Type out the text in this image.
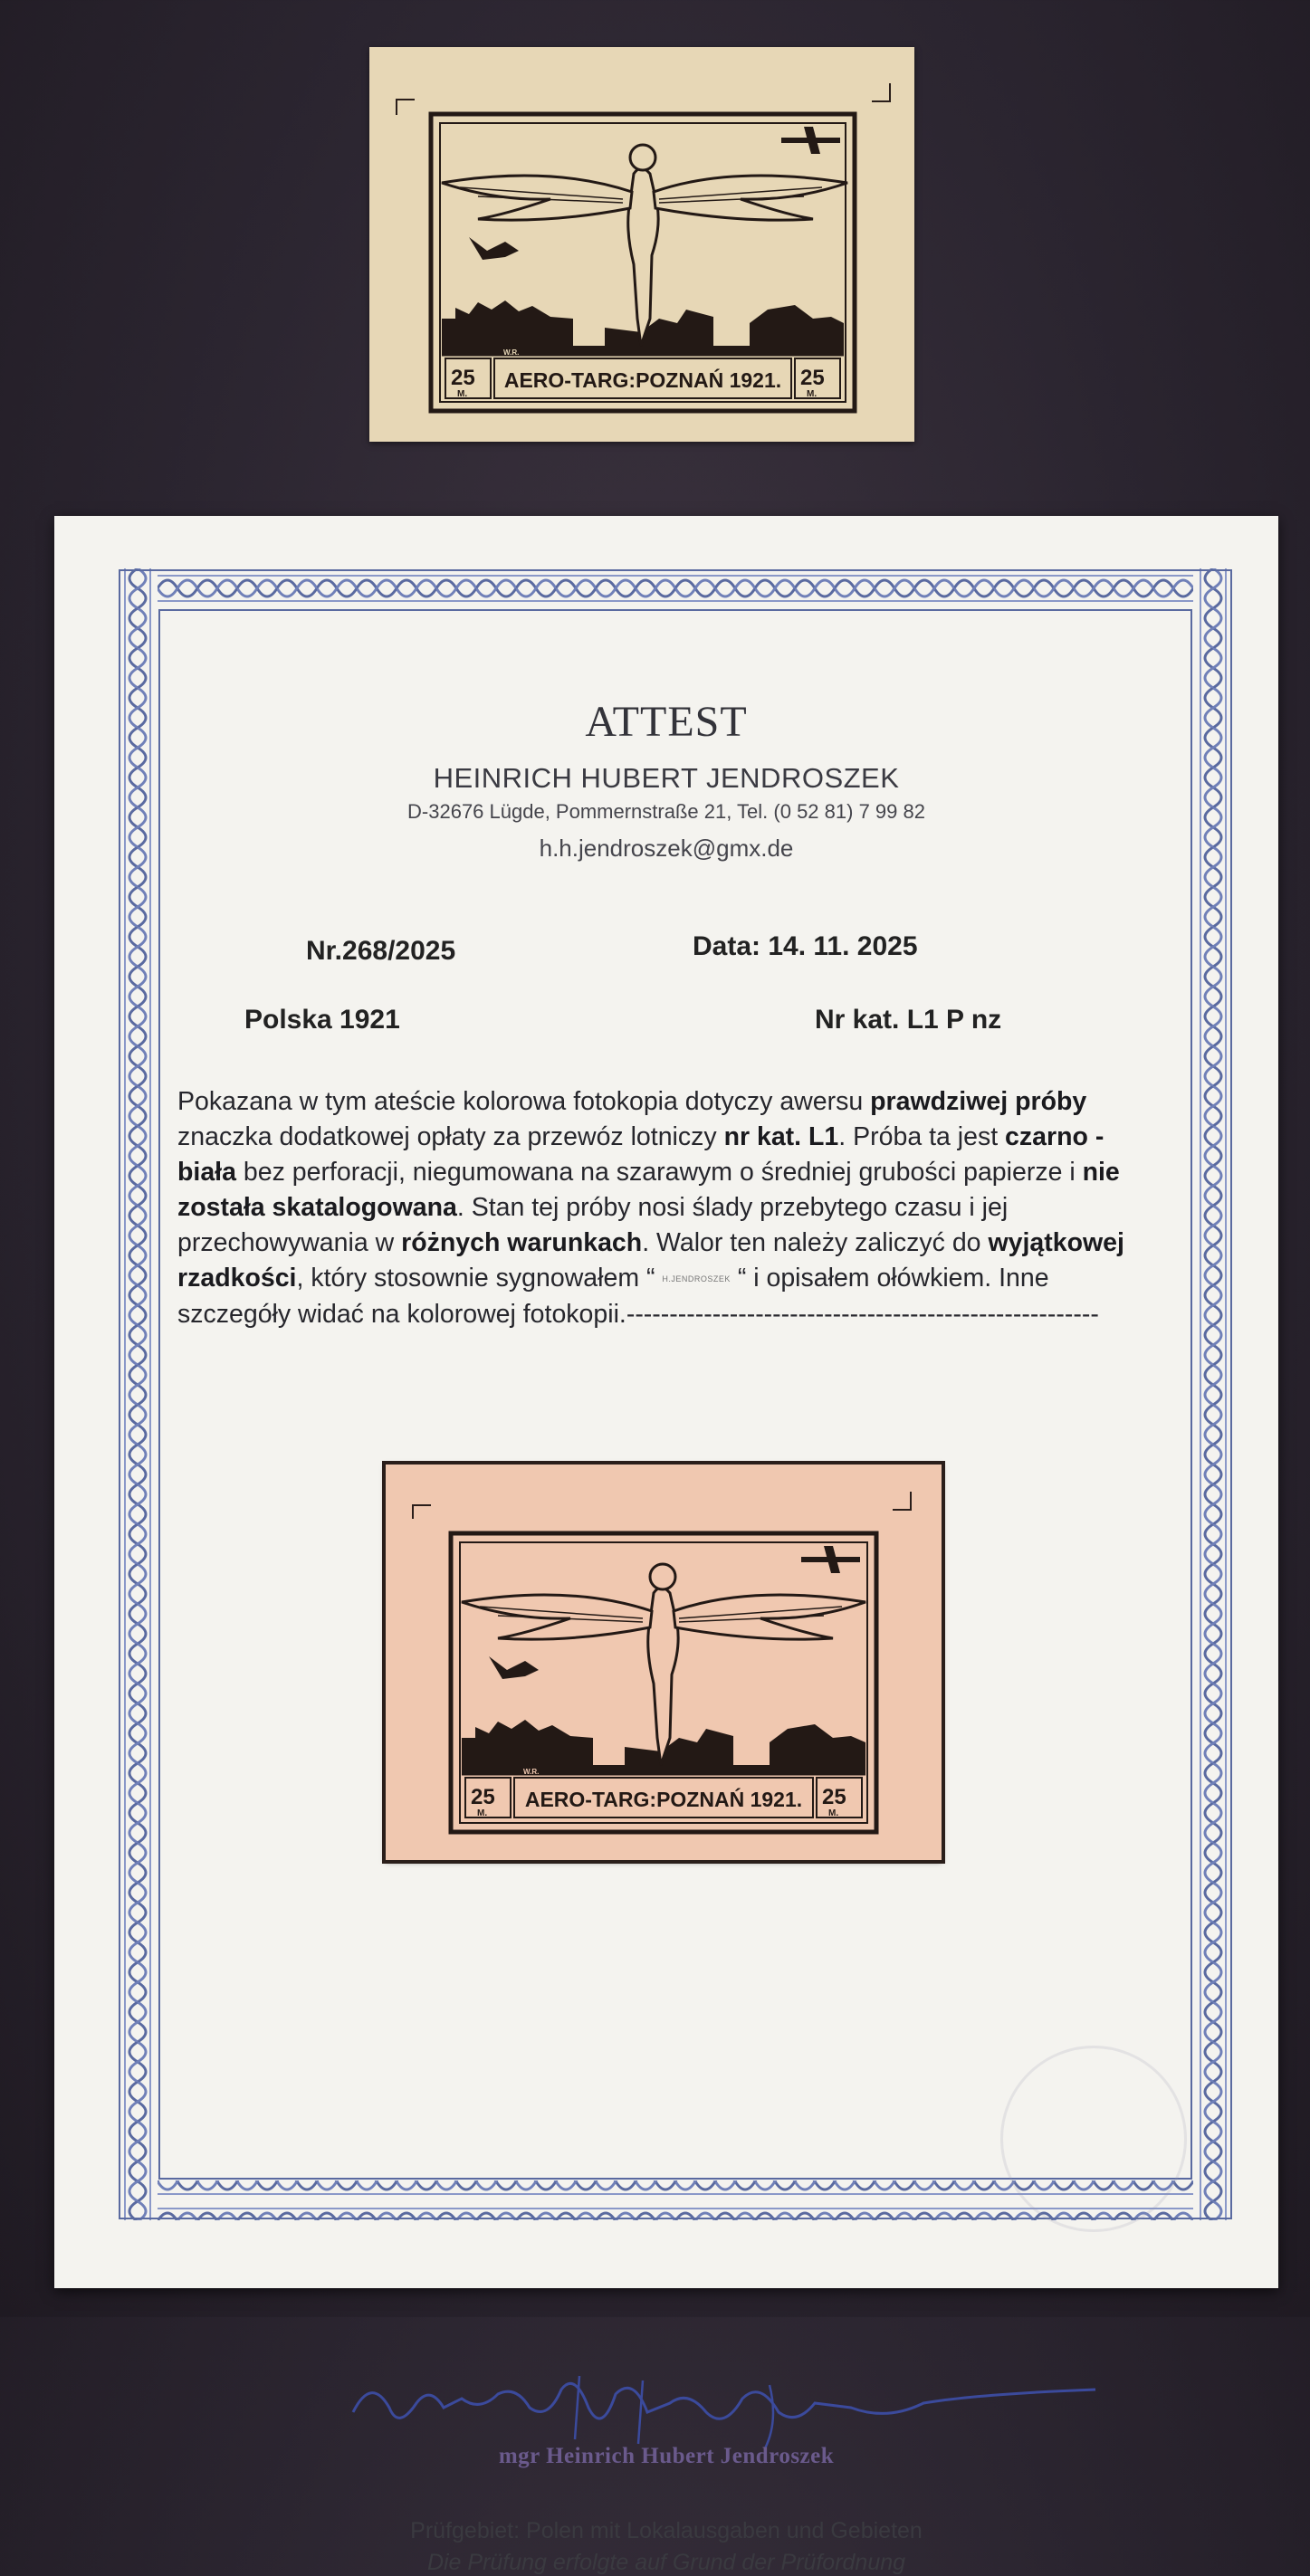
25
M.
25
M.
AERO-TARG:POZNAŃ 1921.
W.R.
ATTEST
HEINRICH HUBERT JENDROSZEK
D-32676 Lügde, Pommernstraße 21, Tel. (0 52 81) 7 99 82
h.h.jendroszek@gmx.de
Nr.268/2025	Data: 14. 11. 2025
Polska 1921	Nr kat. L1 P nz
Pokazana w tym ateście kolorowa fotokopia dotyczy awersu prawdziwej próby znaczka dodatkowej opłaty za przewóz lotniczy nr kat. L1. Próba ta jest czarno - biała bez perforacji, niegumowana na szarawym o średniej grubości papierze i nie została skatalogowana. Stan tej próby nosi ślady przebytego czasu i jej przechowywania w różnych warunkach. Walor ten należy zaliczyć do wyjątkowej rzadkości, który stosownie sygnowałem “ H.JENDROSZEK “ i opisałem ołówkiem. Inne szczegóły widać na kolorowej fotokopii.-------------------------------------------------------
mgr Heinrich Hubert Jendroszek
Prüfgebiet: Polen mit Lokalausgaben und Gebieten
Die Prüfung erfolgte auf Grund der Prüfordnung
25
M.
25
M.
AERO-TARG:POZNAŃ 1921.
W.R.
